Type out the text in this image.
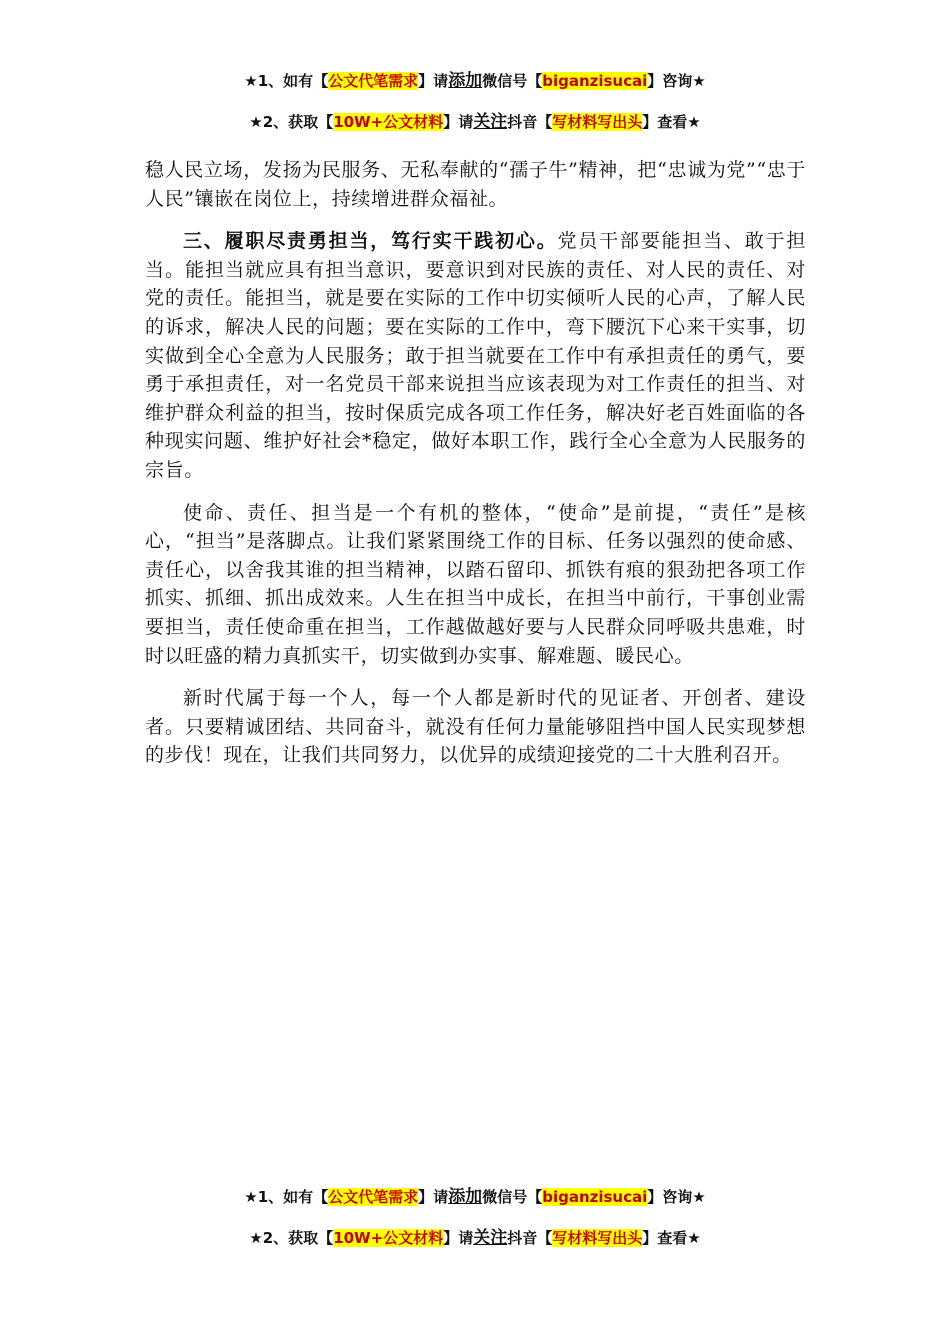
★1、如有【公文代笔需求】请添加微信号【biganzisucai】咨询★
★2、获取【10W+公文材料】请关注抖音【写材料写出头】查看★

稳人民立场，发扬为民服务、无私奉献的“孺子牛”精神，把“忠诚为党”“忠于人民”镶嵌在岗位上，持续增进群众福祉。

三、履职尽责勇担当，笃行实干践初心。党员干部要能担当、敢于担当。能担当就应具有担当意识，要意识到对民族的责任、对人民的责任、对党的责任。能担当，就是要在实际的工作中切实倾听人民的心声，了解人民的诉求，解决人民的问题；要在实际的工作中，弯下腰沉下心来干实事，切实做到全心全意为人民服务；敢于担当就要在工作中有承担责任的勇气，要勇于承担责任，对一名党员干部来说担当应该表现为对工作责任的担当、对维护群众利益的担当，按时保质完成各项工作任务，解决好老百姓面临的各种现实问题、维护好社会*稳定，做好本职工作，践行全心全意为人民服务的宗旨。

使命、责任、担当是一个有机的整体，“使命”是前提，“责任”是核心，“担当”是落脚点。让我们紧紧围绕工作的目标、任务以强烈的使命感、责任心，以舍我其谁的担当精神，以踏石留印、抓铁有痕的狠劲把各项工作抓实、抓细、抓出成效来。人生在担当中成长，在担当中前行，干事创业需要担当，责任使命重在担当，工作越做越好要与人民群众同呼吸共患难，时时以旺盛的精力真抓实干，切实做到办实事、解难题、暖民心。

新时代属于每一个人，每一个人都是新时代的见证者、开创者、建设者。只要精诚团结、共同奋斗，就没有任何力量能够阻挡中国人民实现梦想的步伐！现在，让我们共同努力，以优异的成绩迎接党的二十大胜利召开。

★1、如有【公文代笔需求】请添加微信号【biganzisucai】咨询★
★2、获取【10W+公文材料】请关注抖音【写材料写出头】查看★
